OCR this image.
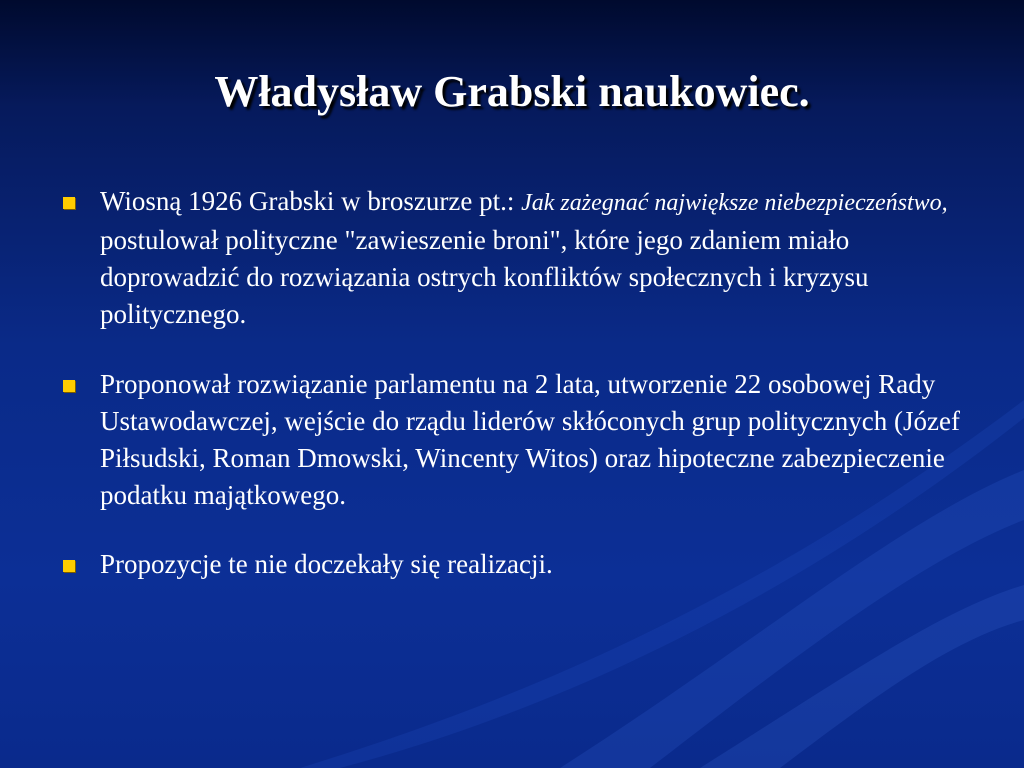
Władysław Grabski naukowiec.
Wiosną 1926 Grabski w broszurze pt.: Jak zażegnać największe niebezpieczeństwo, postulował polityczne "zawieszenie broni", które jego zdaniem miało doprowadzić do rozwiązania ostrych konfliktów społecznych i kryzysu politycznego.
Proponował rozwiązanie parlamentu na 2 lata, utworzenie 22 osobowej Rady Ustawodawczej, wejście do rządu liderów skłóconych grup politycznych (Józef Piłsudski, Roman Dmowski, Wincenty Witos) oraz hipoteczne zabezpieczenie podatku majątkowego.
Propozycje te nie doczekały się realizacji.
